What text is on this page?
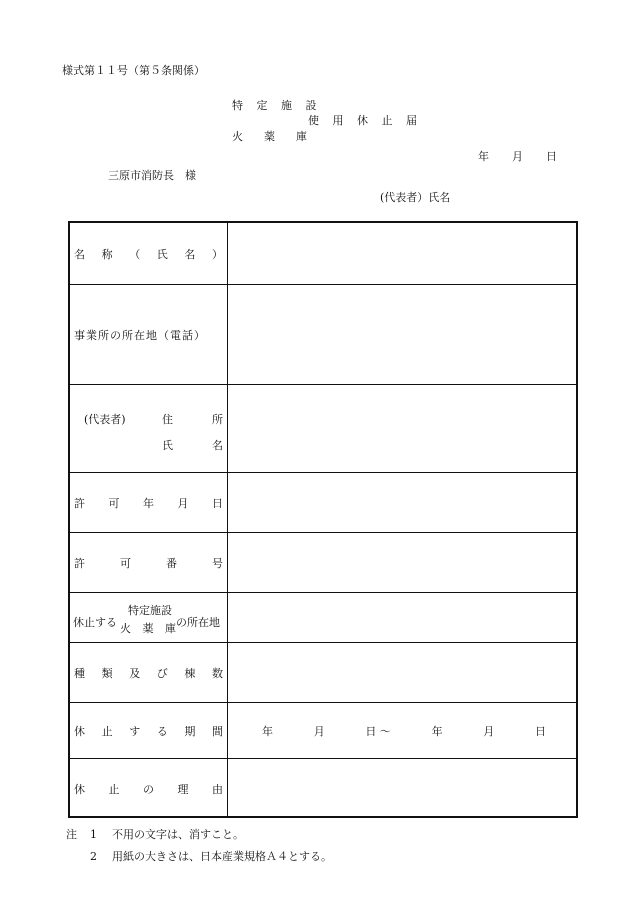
様式第１１号（第５条関係）
特 定 施 設
使 用 休 止 届
火　薬　庫
年 月 日
三原市消防長　様
(代表者）氏名
名 称 （ 氏 名 ）
事業所の所在地（電話）
(代表者)	住	所
氏	名
許 可 年 月 日
許	可	番	号
休止する
特定施設
火 薬 庫
の所在地
種 類 及 び 棟 数
休 止 す る 期 間	年	月	日 〜	年	月	日
休 止 の 理 由
注 1 不用の文字は、消すこと。
2 用紙の大きさは、日本産業規格Ａ４とする。
